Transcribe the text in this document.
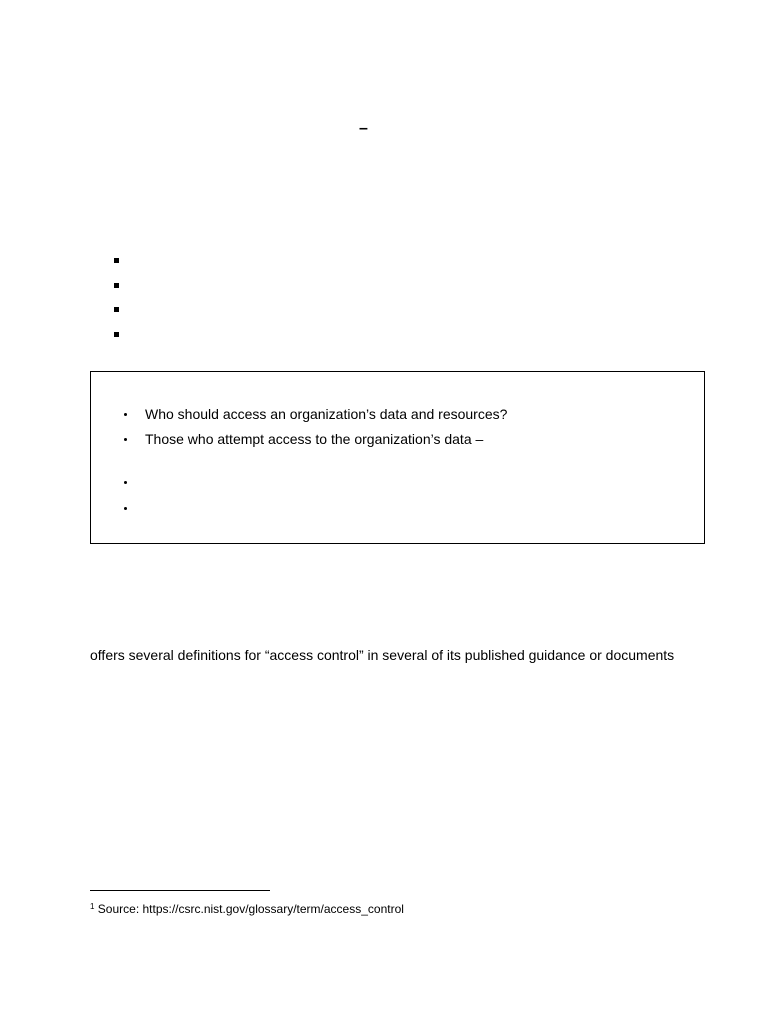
–
Who should access an organization’s data and resources?
Those who attempt access to the organization’s data –
offers several definitions for “access control” in several of its published guidance or documents
$^1$ Source: https://csrc.nist.gov/glossary/term/access_control
